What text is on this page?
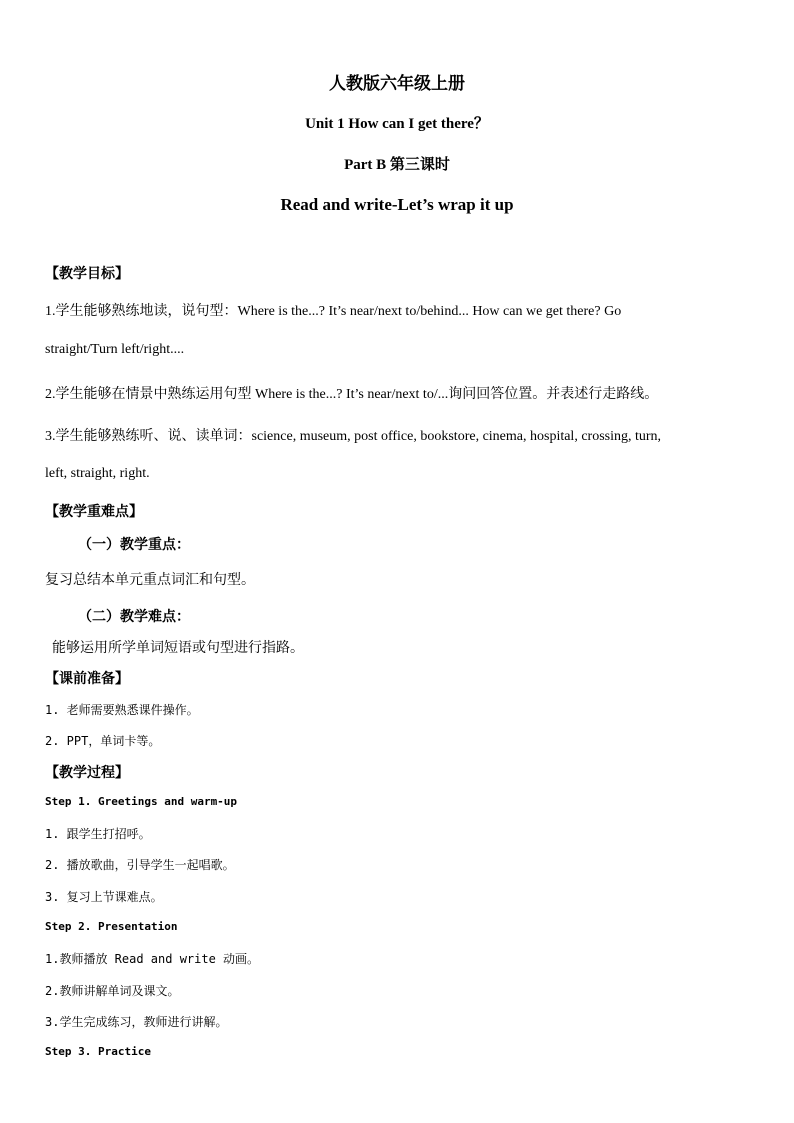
人教版六年级上册
Unit 1 How can I get there？
Part B 第三课时
Read and write-Let’s wrap it up
【教学目标】
1.学生能够熟练地读，说句型：Where is the...? It’s near/next to/behind... How can we get there? Go
straight/Turn left/right....
2.学生能够在情景中熟练运用句型 Where is the...? It’s near/next to/...询问回答位置。并表述行走路线。
3.学生能够熟练听、说、读单词：science, museum, post office, bookstore, cinema, hospital, crossing, turn,
left, straight, right.
【教学重难点】
（一）教学重点：
复习总结本单元重点词汇和句型。
（二）教学难点：
能够运用所学单词短语或句型进行指路。
【课前准备】
1. 老师需要熟悉课件操作。
2. PPT，单词卡等。
【教学过程】
Step 1. Greetings and warm-up
1. 跟学生打招呼。
2. 播放歌曲，引导学生一起唱歌。
3. 复习上节课难点。
Step 2. Presentation
1.教师播放 Read and write 动画。
2.教师讲解单词及课文。
3.学生完成练习，教师进行讲解。
Step 3. Practice
